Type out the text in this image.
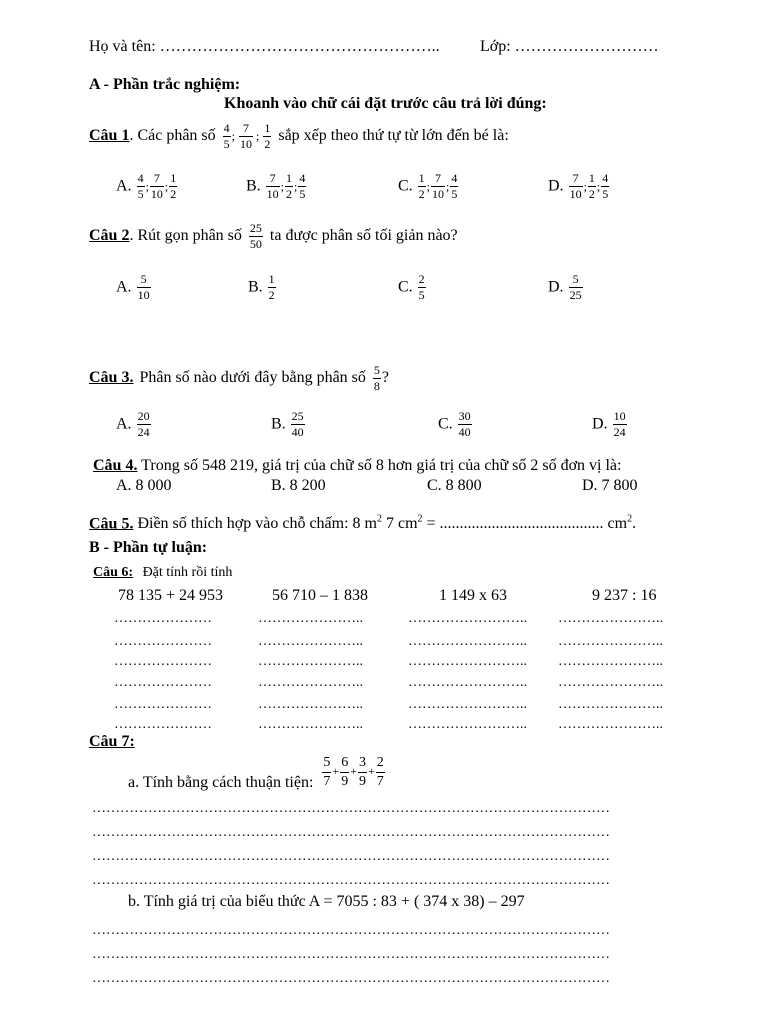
Họ và tên: ……………………………………………..	Lớp: ………………………
A - Phần trắc nghiệm:
Khoanh vào chữ cái đặt trước câu trả lời đúng:
Câu 1 . Các phân số $\frac{4}{5}$ ; $\frac{7}{10}$ ; $\frac{1}{2}$ sắp xếp theo thứ tự từ lớn đến bé là:
A. $\frac{4}{5}$ ; $\frac{7}{10}$ ; $\frac{1}{2}$	B. $\frac{7}{10}$ ; $\frac{1}{2}$ ; $\frac{4}{5}$	C. $\frac{1}{2}$ ; $\frac{7}{10}$ ; $\frac{4}{5}$	D. $\frac{7}{10}$ ; $\frac{1}{2}$ ; $\frac{4}{5}$
Câu 2 . Rút gọn phân số $\frac{25}{50}$ ta được phân số tối giản nào?
A. $\frac{5}{10}$	B. $\frac{1}{2}$	C. $\frac{2}{5}$	D. $\frac{5}{25}$
Câu 3. Phân số nào dưới đây bằng phân số $\frac{5}{8}$ ?
A. $\frac{20}{24}$	B. $\frac{25}{40}$	C. $\frac{30}{40}$	D. $\frac{10}{24}$
Câu 4. Trong số 548 219, giá trị của chữ số 8 hơn giá trị của chữ số 2 số đơn vị là:
A. 8 000	B. 8 200	C. 8 800	D. 7 800
Câu 5. Điền số thích hợp vào chỗ chấm: 8 $m^2$ 7 $cm^2$ = ......................................... $cm^2$.
B - Phần tự luận:
Câu 6: Đặt tính rồi tính
78 135 + 24 953	56 710 – 1 838	1 149 x 63	9 237 : 16
…………………	…………………..	…………………….. …………………..
…………………	…………………..	…………………….. …………………..
…………………	…………………..	…………………….. …………………..
…………………	…………………..	…………………….. …………………..
…………………	…………………..	…………………….. …………………..
…………………	…………………..	…………………….. …………………..
Câu 7:
a. Tính bằng cách thuận tiện: $\frac{5}{7} + \frac{6}{9} + \frac{3}{9} + \frac{2}{7}$
…………………………………………………………………………………………………
…………………………………………………………………………………………………
…………………………………………………………………………………………………
…………………………………………………………………………………………………
b. Tính giá trị của biểu thức A = 7055 : 83 + ( 374 x 38) – 297
…………………………………………………………………………………………………
…………………………………………………………………………………………………
…………………………………………………………………………………………………
